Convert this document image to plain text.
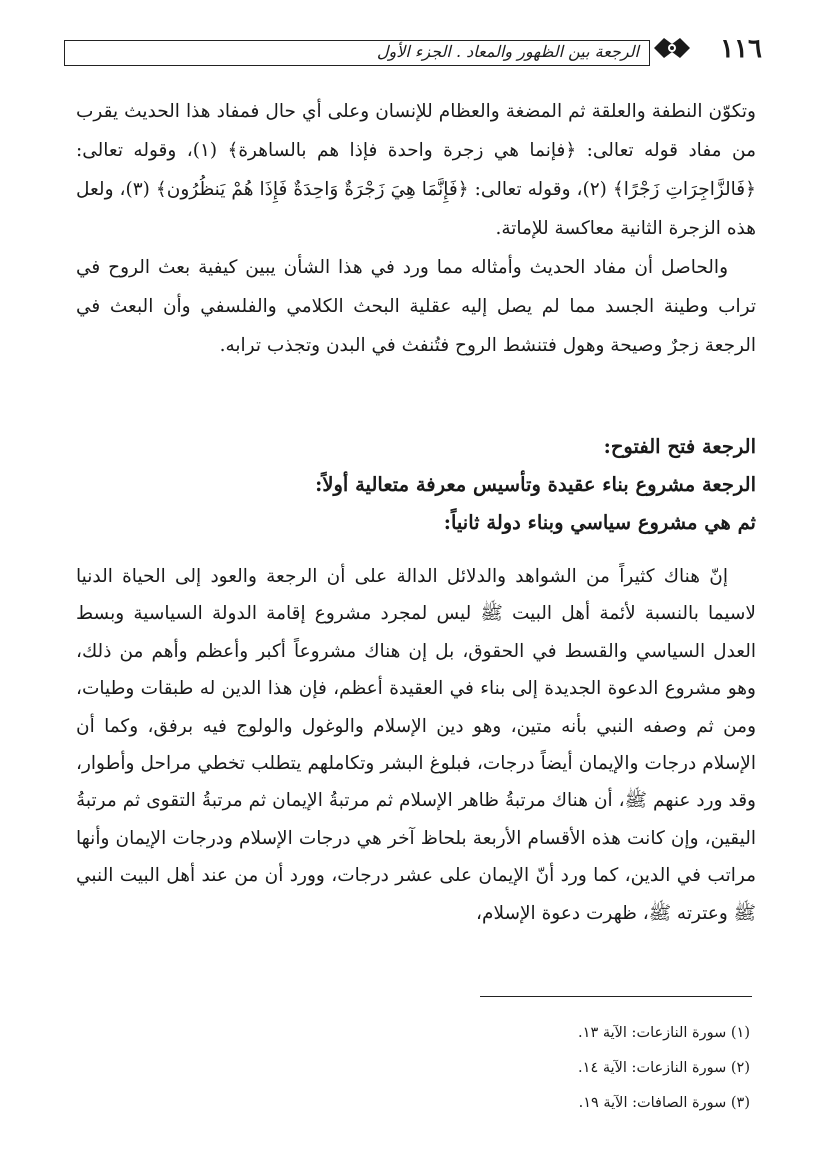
١١٦
الرجعة بين الظهور والمعاد . الجزء الأول

وتكوّن النطفة والعلقة ثم المضغة والعظام للإنسان وعلى أي حال فمفاد هذا الحديث يقرب من مفاد قوله تعالى: ﴿فإنما هي زجرة واحدة فإذا هم بالساهرة﴾ (١)، وقوله تعالى: ﴿فَالزَّاجِرَاتِ زَجْرًا﴾ (٢)، وقوله تعالى: ﴿فَإِنَّمَا هِيَ زَجْرَةٌ وَاحِدَةٌ فَإِذَا هُمْ يَنظُرُون﴾ (٣)، ولعل هذه الزجرة الثانية معاكسة للإماتة.

والحاصل أن مفاد الحديث وأمثاله مما ورد في هذا الشأن يبين كيفية بعث الروح في تراب وطينة الجسد مما لم يصل إليه عقلية البحث الكلامي والفلسفي وأن البعث في الرجعة زجرٌ وصيحة وهول فتنشط الروح فتُنفث في البدن وتجذب ترابه.

الرجعة فتح الفتوح:
الرجعة مشروع بناء عقيدة وتأسيس معرفة متعالية أولاً:
ثم هي مشروع سياسي وبناء دولة ثانياً:

إنّ هناك كثيراً من الشواهد والدلائل الدالة على أن الرجعة والعود إلى الحياة الدنيا لاسيما بالنسبة لأئمة أهل البيت ﷺ ليس لمجرد مشروع إقامة الدولة السياسية وبسط العدل السياسي والقسط في الحقوق، بل إن هناك مشروعاً أكبر وأعظم وأهم من ذلك، وهو مشروع الدعوة الجديدة إلى بناء في العقيدة أعظم، فإن هذا الدين له طبقات وطيات، ومن ثم وصفه النبي بأنه متين، وهو دين الإسلام والوغول والولوج فيه برفق، وكما أن الإسلام درجات والإيمان أيضاً درجات، فبلوغ البشر وتكاملهم يتطلب تخطي مراحل وأطوار، وقد ورد عنهم ﷺ، أن هناك مرتبةُ ظاهر الإسلام ثم مرتبةُ الإيمان ثم مرتبةُ التقوى ثم مرتبةُ اليقين، وإن كانت هذه الأقسام الأربعة بلحاظ آخر هي درجات الإسلام ودرجات الإيمان وأنها مراتب في الدين، كما ورد أنّ الإيمان على عشر درجات، وورد أن من عند أهل البيت النبي ﷺ وعترته ﷺ، ظهرت دعوة الإسلام،

(١) سورة النازعات: الآية ١٣.

(٢) سورة النازعات: الآية ١٤.

(٣) سورة الصافات: الآية ١٩.
